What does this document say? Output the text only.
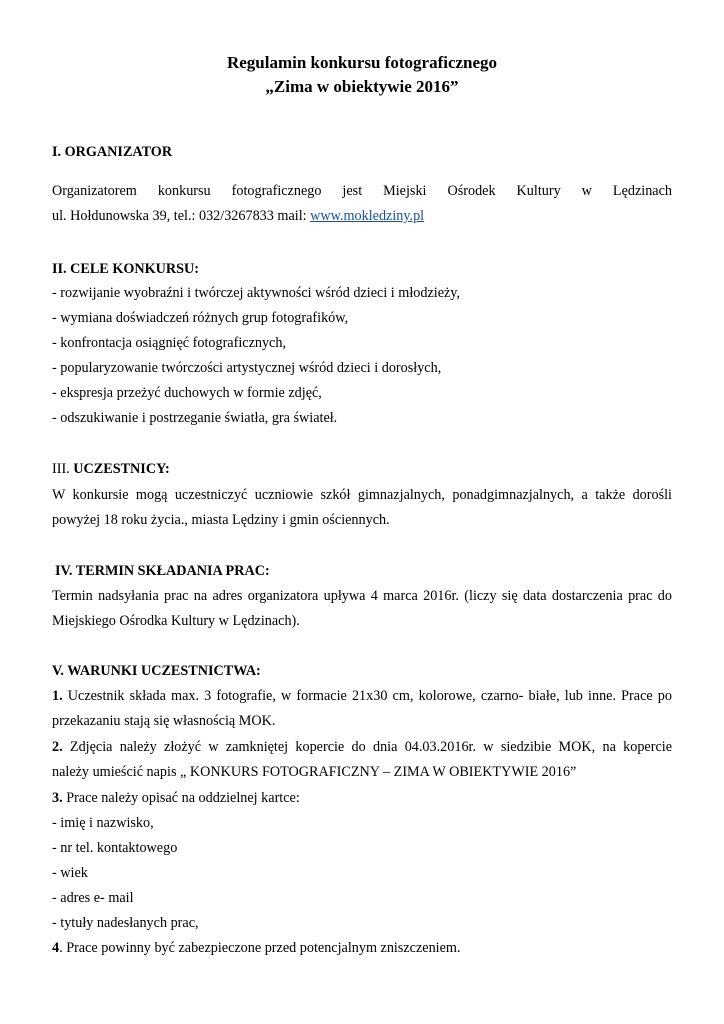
Regulamin konkursu fotograficznego
„Zima w obiektywie 2016”
I. ORGANIZATOR
Organizatorem konkursu fotograficznego jest Miejski Ośrodek Kultury w Lędzinach
ul. Hołdunowska 39, tel.: 032/3267833 mail: www.mokledziny.pl
II. CELE KONKURSU:
- rozwijanie wyobraźni i twórczej aktywności wśród dzieci i młodzieży,
- wymiana doświadczeń różnych grup fotografików,
- konfrontacja osiągnięć fotograficznych,
- popularyzowanie twórczości artystycznej wśród dzieci i dorosłych,
- ekspresja przeżyć duchowych w formie zdjęć,
- odszukiwanie i postrzeganie światła, gra świateł.
III. UCZESTNICY:
W konkursie mogą uczestniczyć uczniowie szkół gimnazjalnych, ponadgimnazjalnych, a także dorośli
powyżej 18 roku życia., miasta Lędziny i gmin ościennych.
IV. TERMIN SKŁADANIA PRAC:
Termin nadsyłania prac na adres organizatora upływa 4 marca 2016r. (liczy się data dostarczenia prac do
Miejskiego Ośrodka Kultury w Lędzinach).
V. WARUNKI UCZESTNICTWA:
1. Uczestnik składa max. 3 fotografie, w formacie 21x30 cm, kolorowe, czarno- białe, lub inne. Prace po
przekazaniu stają się własnością MOK.
2. Zdjęcia należy złożyć w zamkniętej kopercie do dnia 04.03.2016r. w siedzibie MOK, na kopercie
należy umieścić napis „ KONKURS FOTOGRAFICZNY – ZIMA W OBIEKTYWIE 2016”
3. Prace należy opisać na oddzielnej kartce:
- imię i nazwisko,
- nr tel. kontaktowego
- wiek
- adres e- mail
- tytuły nadesłanych prac,
4. Prace powinny być zabezpieczone przed potencjalnym zniszczeniem.
